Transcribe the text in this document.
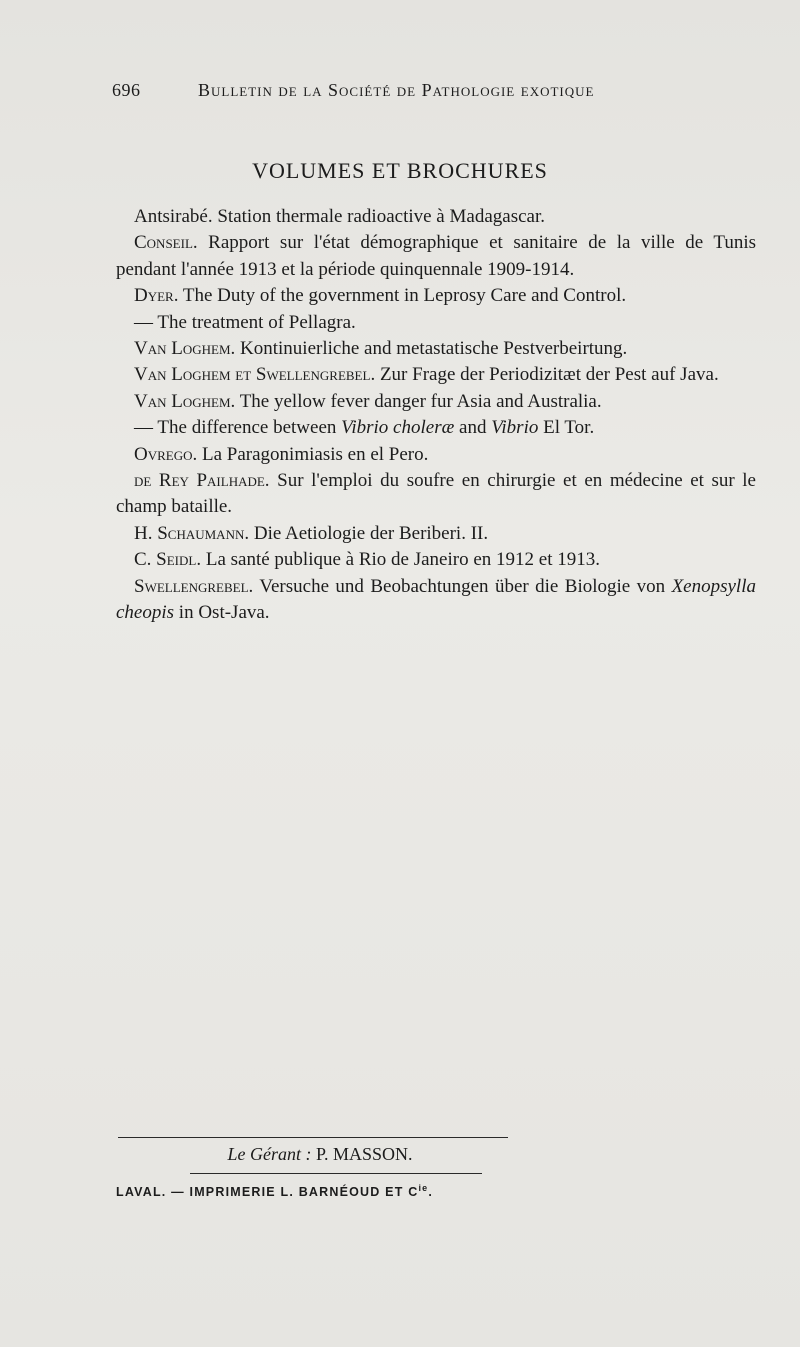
696	Bulletin de la Société de Pathologie exotique
VOLUMES ET BROCHURES

Antsirabé. Station thermale radioactive à Madagascar.

Conseil. Rapport sur l'état démographique et sanitaire de la ville de Tunis pendant l'année 1913 et la période quinquennale 1909-1914.

Dyer. The Duty of the government in Leprosy Care and Control.

— The treatment of Pellagra.

Van Loghem. Kontinuierliche and metastatische Pestverbeirtung.

Van Loghem et Swellengrebel. Zur Frage der Periodizitæt der Pest auf Java.

Van Loghem. The yellow fever danger fur Asia and Australia.

— The difference between Vibrio choleræ and Vibrio El Tor.

Ovrego. La Paragonimiasis en el Pero.

de Rey Pailhade. Sur l'emploi du soufre en chirurgie et en médecine et sur le champ bataille.

H. Schaumann. Die Aetiologie der Beriberi. II.

C. Seidl. La santé publique à Rio de Janeiro en 1912 et 1913.

Swellengrebel. Versuche und Beobachtungen über die Biologie von Xenopsylla cheopis in Ost-Java.

Le Gérant : P. MASSON.
LAVAL. — IMPRIMERIE L. BARNÉOUD ET $C^{ie}$.
